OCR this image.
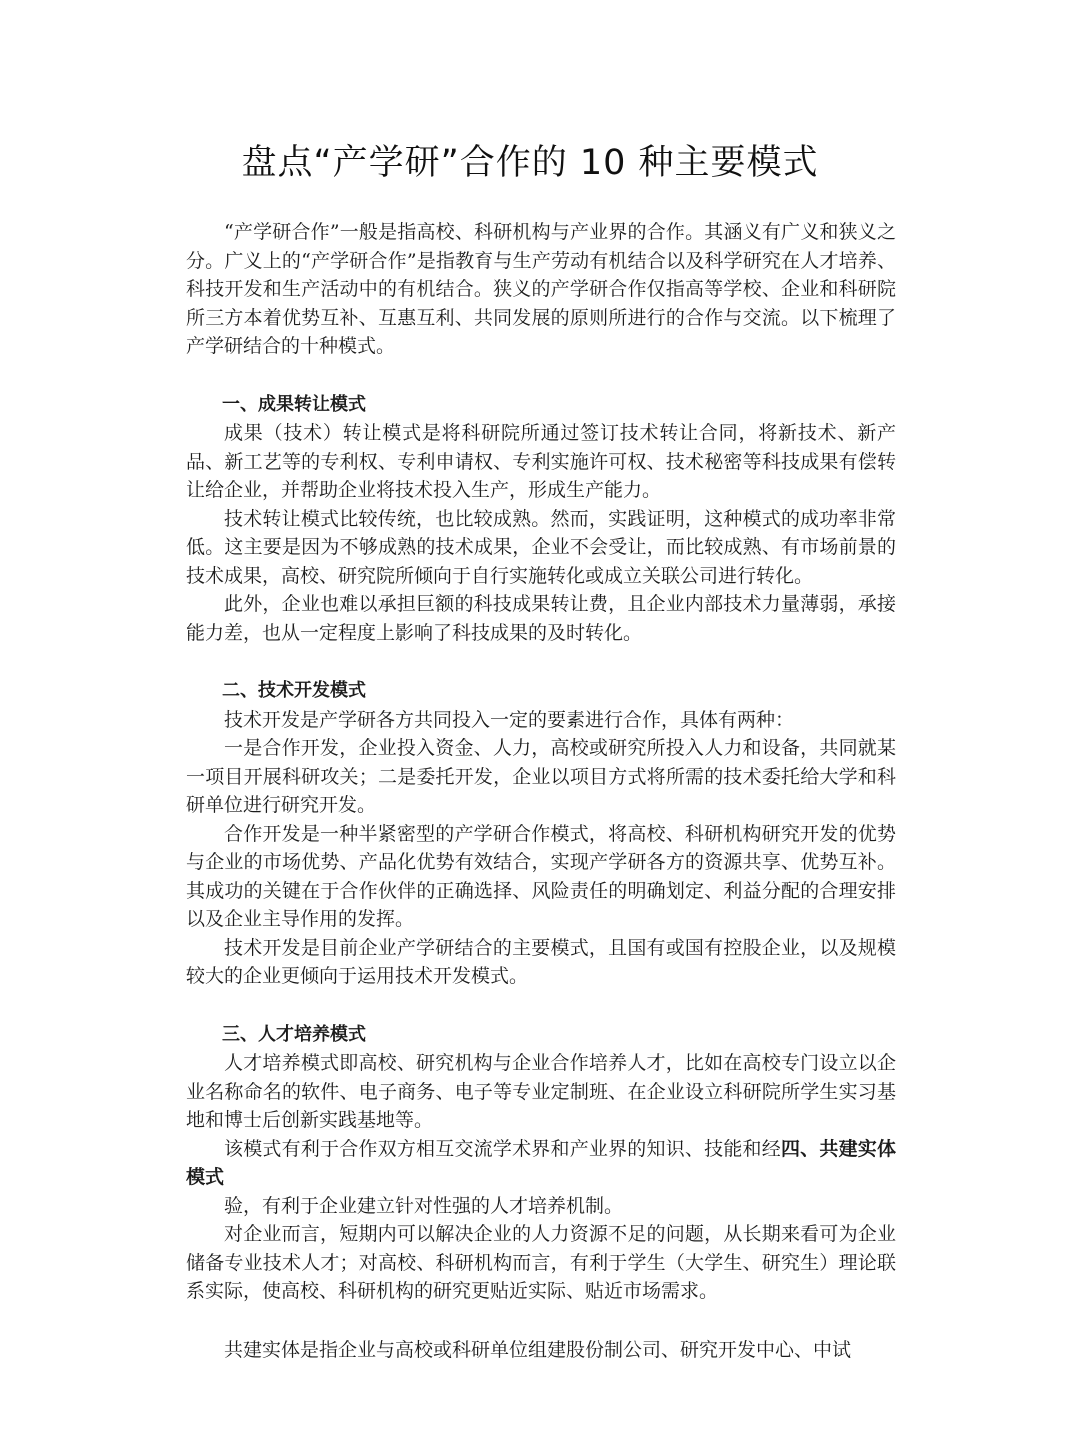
盘点“产学研”合作的 10 种主要模式

“产学研合作”一般是指高校、科研机构与产业界的合作。其涵义有广义和狭义之分。广义上的“产学研合作”是指教育与生产劳动有机结合以及科学研究在人才培养、科技开发和生产活动中的有机结合。狭义的产学研合作仅指高等学校、企业和科研院所三方本着优势互补、互惠互利、共同发展的原则所进行的合作与交流。以下梳理了产学研结合的十种模式。

一、成果转让模式

成果（技术）转让模式是将科研院所通过签订技术转让合同，将新技术、新产品、新工艺等的专利权、专利申请权、专利实施许可权、技术秘密等科技成果有偿转让给企业，并帮助企业将技术投入生产，形成生产能力。

技术转让模式比较传统，也比较成熟。然而，实践证明，这种模式的成功率非常低。这主要是因为不够成熟的技术成果，企业不会受让，而比较成熟、有市场前景的技术成果，高校、研究院所倾向于自行实施转化或成立关联公司进行转化。

此外，企业也难以承担巨额的科技成果转让费，且企业内部技术力量薄弱，承接能力差，也从一定程度上影响了科技成果的及时转化。

二、技术开发模式

技术开发是产学研各方共同投入一定的要素进行合作，具体有两种：

一是合作开发，企业投入资金、人力，高校或研究所投入人力和设备，共同就某一项目开展科研攻关；二是委托开发，企业以项目方式将所需的技术委托给大学和科研单位进行研究开发。

合作开发是一种半紧密型的产学研合作模式，将高校、科研机构研究开发的优势与企业的市场优势、产品化优势有效结合，实现产学研各方的资源共享、优势互补。其成功的关键在于合作伙伴的正确选择、风险责任的明确划定、利益分配的合理安排以及企业主导作用的发挥。

技术开发是目前企业产学研结合的主要模式，且国有或国有控股企业，以及规模较大的企业更倾向于运用技术开发模式。

三、人才培养模式

人才培养模式即高校、研究机构与企业合作培养人才，比如在高校专门设立以企业名称命名的软件、电子商务、电子等专业定制班、在企业设立科研院所学生实习基地和博士后创新实践基地等。

该模式有利于合作双方相互交流学术界和产业界的知识、技能和经四、共建实体模式

验，有利于企业建立针对性强的人才培养机制。

对企业而言，短期内可以解决企业的人力资源不足的问题，从长期来看可为企业储备专业技术人才；对高校、科研机构而言，有利于学生（大学生、研究生）理论联系实际，使高校、科研机构的研究更贴近实际、贴近市场需求。

共建实体是指企业与高校或科研单位组建股份制公司、研究开发中心、中试
